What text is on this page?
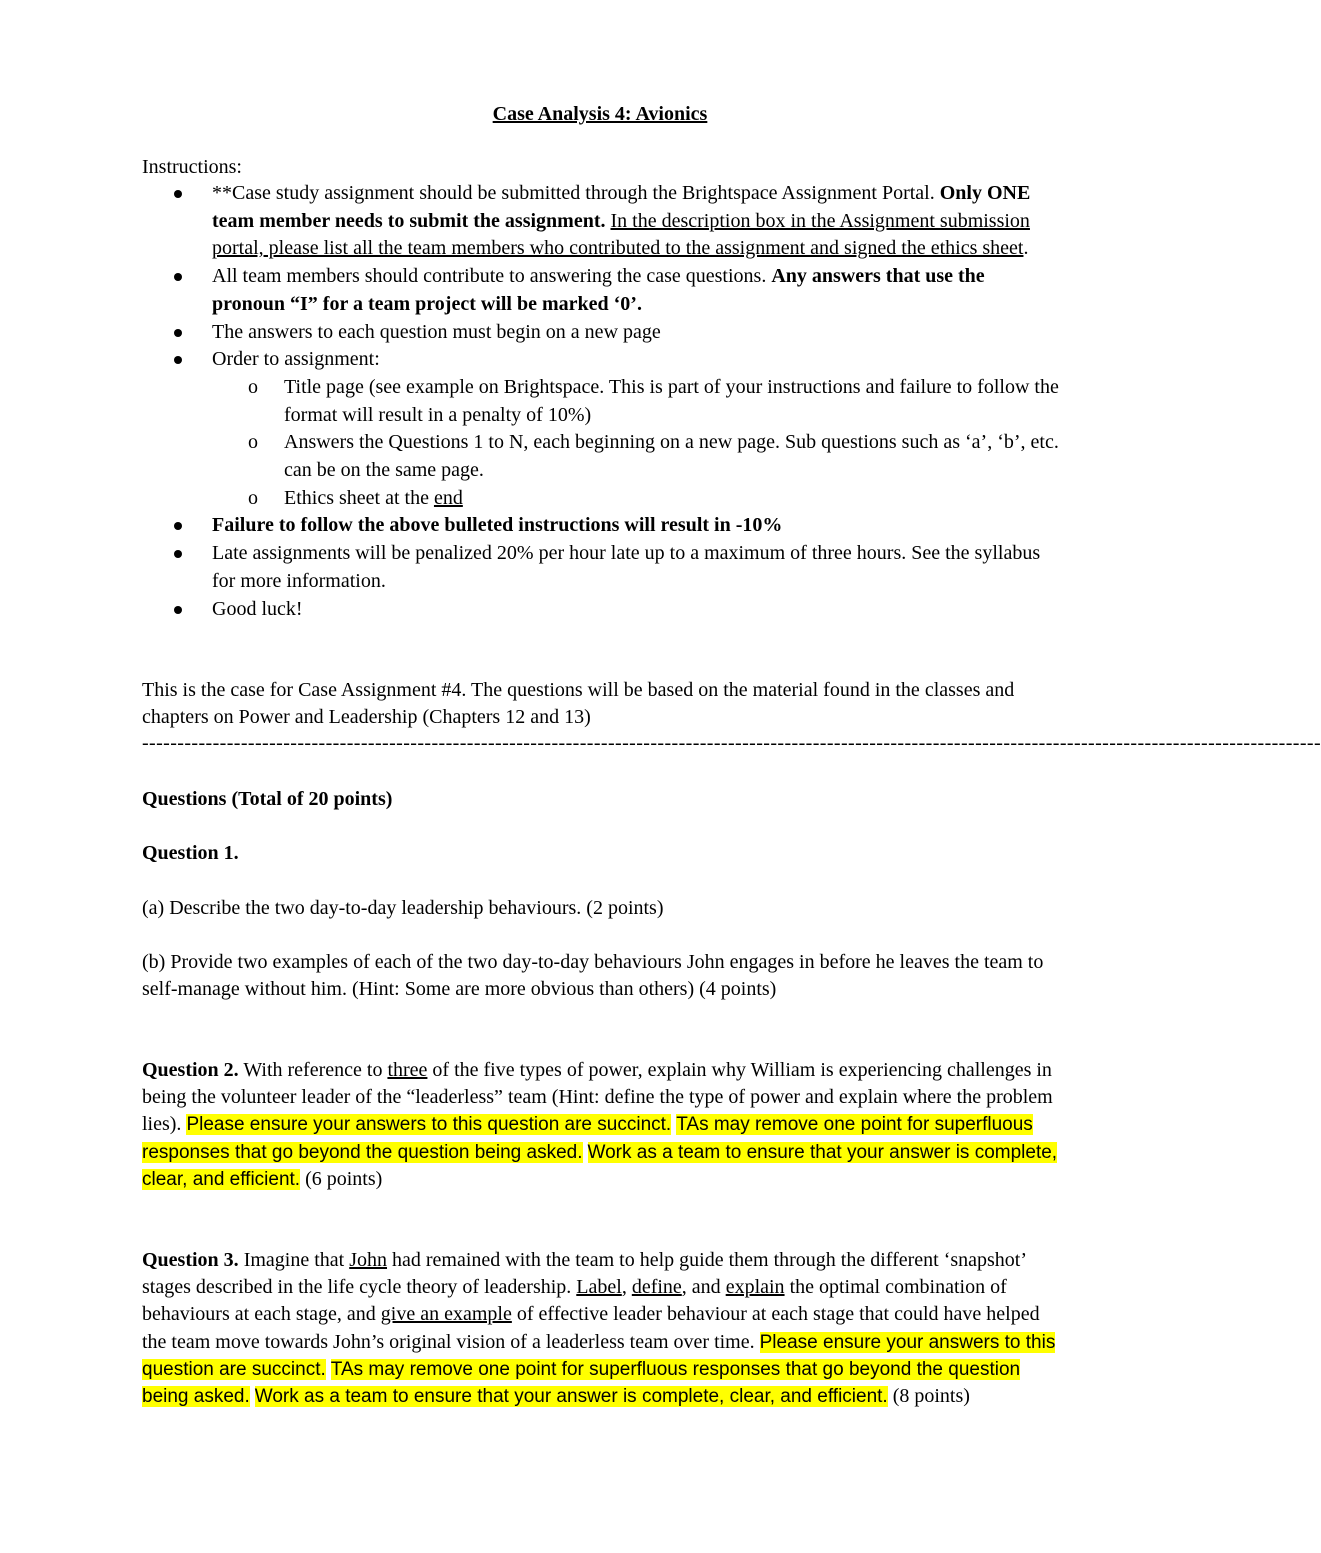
Case Analysis 4: Avionics
Instructions:
**Case study assignment should be submitted through the Brightspace Assignment Portal. Only ONE team member needs to submit the assignment. In the description box in the Assignment submission portal, please list all the team members who contributed to the assignment and signed the ethics sheet.
All team members should contribute to answering the case questions. Any answers that use the pronoun “I” for a team project will be marked ‘0’.
The answers to each question must begin on a new page
Order to assignment:
o Title page (see example on Brightspace. This is part of your instructions and failure to follow the format will result in a penalty of 10%)
o Answers the Questions 1 to N, each beginning on a new page. Sub questions such as ‘a’, ‘b’, etc. can be on the same page.
o Ethics sheet at the end
Failure to follow the above bulleted instructions will result in -10%
Late assignments will be penalized 20% per hour late up to a maximum of three hours. See the syllabus for more information.
Good luck!

This is the case for Case Assignment #4. The questions will be based on the material found in the classes and chapters on Power and Leadership (Chapters 12 and 13)

-----------------------------------------------------------------------------------------------------------------------------------------------------------------------

Questions (Total of 20 points)

Question 1.

(a) Describe the two day-to-day leadership behaviours. (2 points)

(b) Provide two examples of each of the two day-to-day behaviours John engages in before he leaves the team to self-manage without him. (Hint: Some are more obvious than others) (4 points)

Question 2. With reference to three of the five types of power, explain why William is experiencing challenges in being the volunteer leader of the “leaderless” team (Hint: define the type of power and explain where the problem lies). Please ensure your answers to this question are succinct. TAs may remove one point for superfluous responses that go beyond the question being asked. Work as a team to ensure that your answer is complete, clear, and efficient. (6 points)

Question 3. Imagine that John had remained with the team to help guide them through the different ‘snapshot’ stages described in the life cycle theory of leadership. Label, define, and explain the optimal combination of behaviours at each stage, and give an example of effective leader behaviour at each stage that could have helped the team move towards John’s original vision of a leaderless team over time. Please ensure your answers to this question are succinct. TAs may remove one point for superfluous responses that go beyond the question being asked. Work as a team to ensure that your answer is complete, clear, and efficient. (8 points)
